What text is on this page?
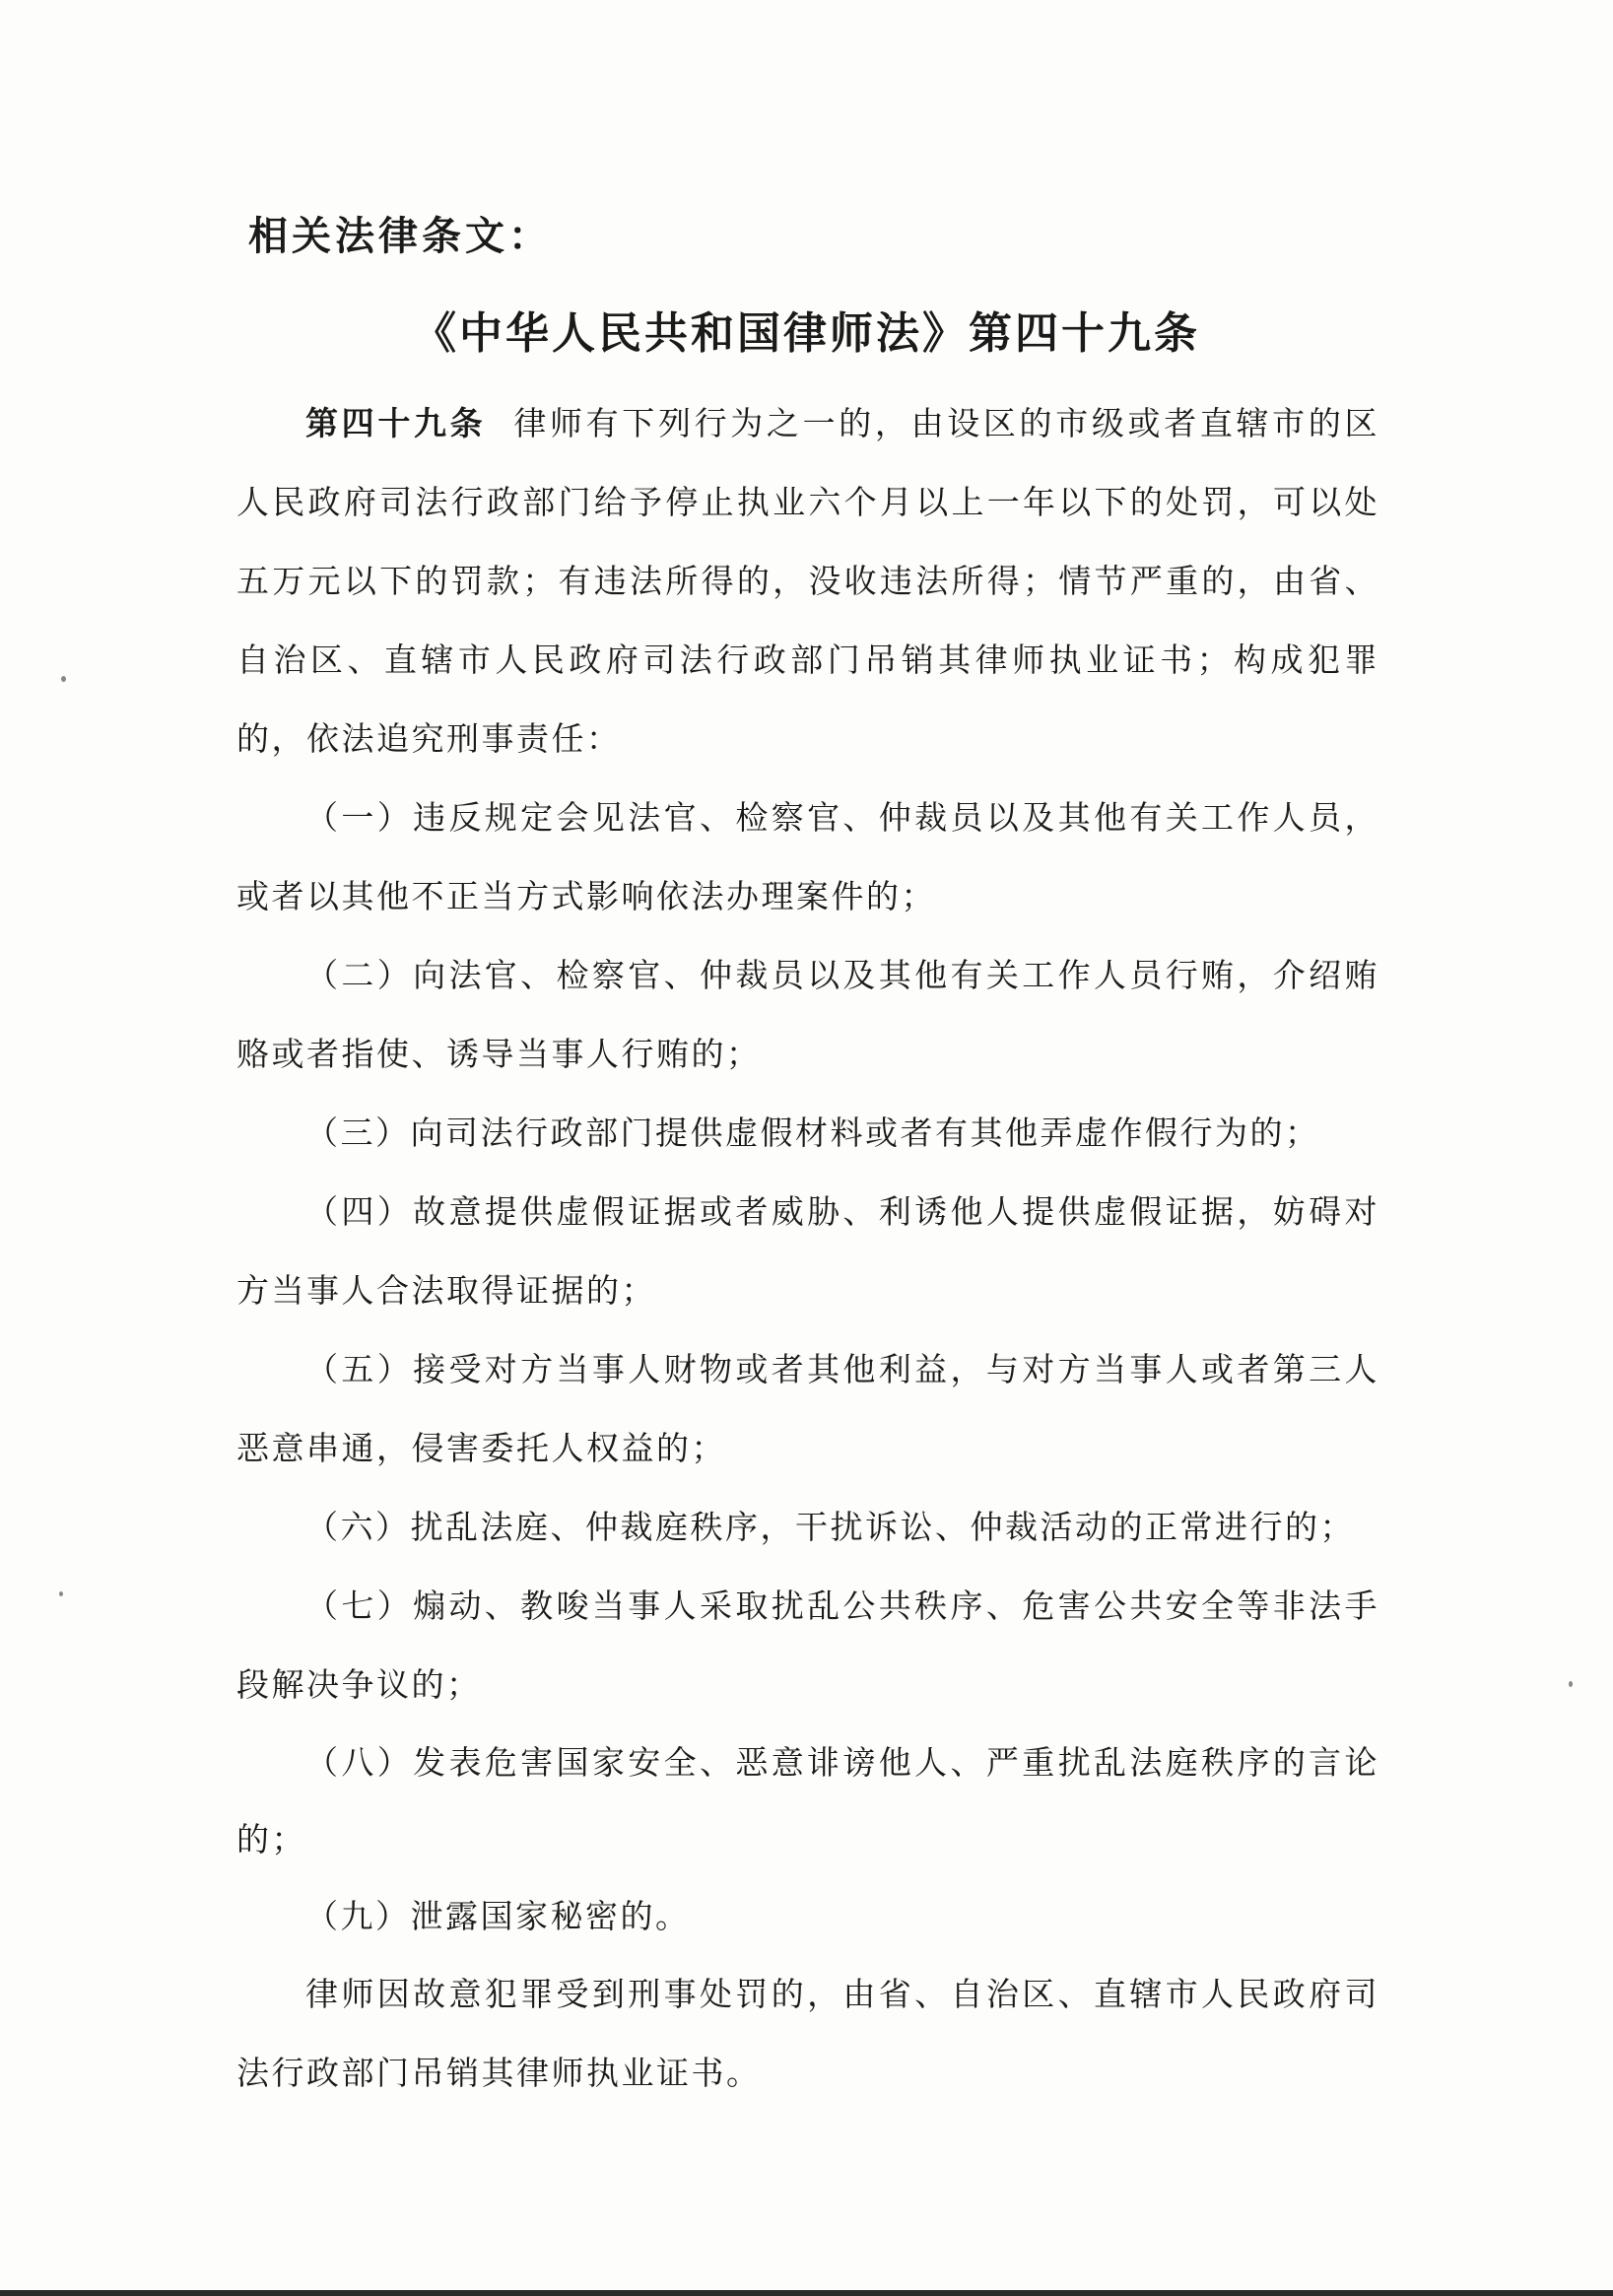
相关法律条文：
《中华人民共和国律师法》第四十九条

第四十九条 律师有下列行为之一的，由设区的市级或者直辖市的区人民政府司法行政部门给予停止执业六个月以上一年以下的处罚，可以处五万元以下的罚款；有违法所得的，没收违法所得；情节严重的，由省、自治区、直辖市人民政府司法行政部门吊销其律师执业证书；构成犯罪的，依法追究刑事责任：

（一）违反规定会见法官、检察官、仲裁员以及其他有关工作人员，或者以其他不正当方式影响依法办理案件的；

（二）向法官、检察官、仲裁员以及其他有关工作人员行贿，介绍贿赂或者指使、诱导当事人行贿的；

（三）向司法行政部门提供虚假材料或者有其他弄虚作假行为的；

（四）故意提供虚假证据或者威胁、利诱他人提供虚假证据，妨碍对方当事人合法取得证据的；

（五）接受对方当事人财物或者其他利益，与对方当事人或者第三人恶意串通，侵害委托人权益的；

（六）扰乱法庭、仲裁庭秩序，干扰诉讼、仲裁活动的正常进行的；

（七）煽动、教唆当事人采取扰乱公共秩序、危害公共安全等非法手段解决争议的；

（八）发表危害国家安全、恶意诽谤他人、严重扰乱法庭秩序的言论的；

（九）泄露国家秘密的。

律师因故意犯罪受到刑事处罚的，由省、自治区、直辖市人民政府司法行政部门吊销其律师执业证书。
